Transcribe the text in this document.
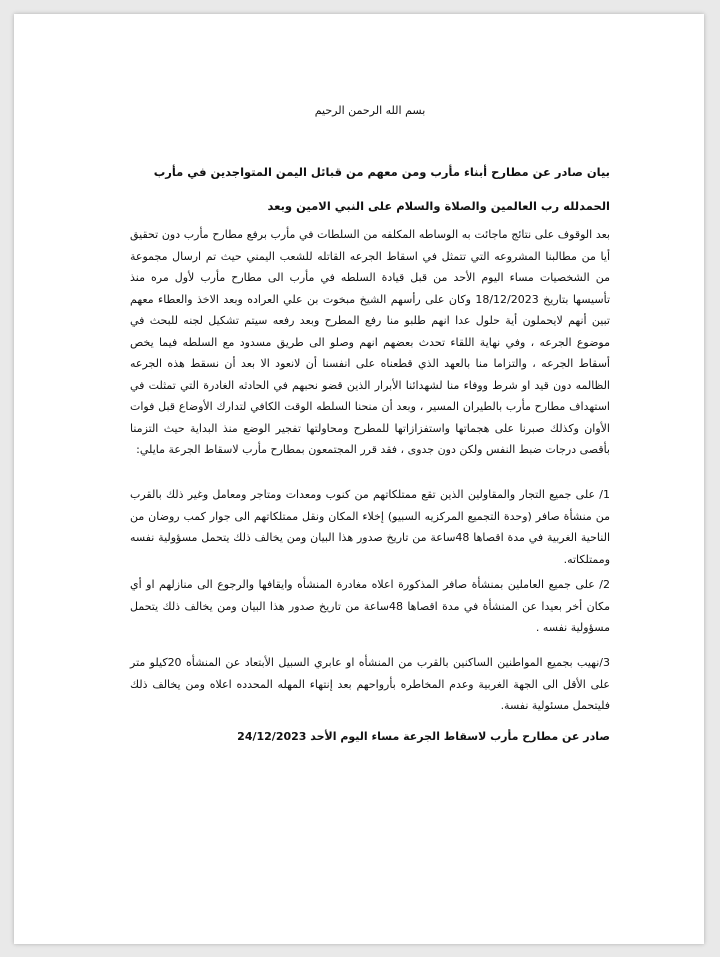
بسم الله الرحمن الرحيم
بيان صادر عن مطارح أبناء مأرب ومن معهم من قبائل اليمن المتواجدين في مأرب
الحمدلله رب العالمين والصلاة والسلام على النبي الامين وبعد
بعد الوقوف على نتائج ماجائت به الوساطه المكلفه من السلطات في مأرب برفع مطارح مأرب دون تحقيق أيا من مطالبنا المشروعه التي تتمثل في اسقاط الجرعه القاتله للشعب اليمني حيث تم ارسال مجموعة من الشخصيات مساء اليوم الأحد من قبل قيادة السلطه في مأرب الى مطارح مأرب لأول مره منذ تأسيسها بتاريخ 18/12/2023 وكان على رأسهم الشيخ مبخوت بن علي العراده وبعد الاخذ والعطاء معهم تبين أنهم لايحملون أية حلول عدا انهم طلبو منا رفع المطرح وبعد رفعه سيتم تشكيل لجنه للبحث في موضوع الجرعه ، وفي نهاية اللقاء تحدث بعضهم انهم وصلو الى طريق مسدود مع السلطه فيما يخص أسقاط الجرعه ، والتزاما منا بالعهد الذي قطعناه على انفسنا أن لانعود الا بعد أن نسقط هذه الجرعه الظالمه دون قيد او شرط ووفاء منا لشهدائنا الأبرار الذين قضو نحبهم في الحادثه الغادرة التي تمثلت في استهداف مطارح مأرب بالطيران المسير ، وبعد أن منحنا السلطه الوقت الكافي لتدارك الأوضاع قبل فوات الأوان وكذلك صبرنا على هجماتها واستفزازاتها للمطرح ومحاولتها تفجير الوضع منذ البداية حيث التزمنا بأقصى درجات ضبط النفس ولكن دون جدوى ، فقد قرر المجتمعون بمطارح مأرب لاسقاط الجرعة مايلي:
1/ على جميع التجار والمقاولين الذين تقع ممتلكاتهم من كنوب ومعدات ومتاجر ومعامل وغير ذلك بالقرب من منشأة صافر (وحدة التجميع المركزيه السبيو) إخلاء المكان ونقل ممتلكاتهم الى جوار كمب روضان من الناحية الغربية في مدة اقصاها 48ساعة من تاريخ صدور هذا البيان ومن يخالف ذلك يتحمل مسؤولية نفسه وممتلكاته.
2/ على جميع العاملين بمنشأة صافر المذكورة اعلاه مغادرة المنشأه وايقافها والرجوع الى منازلهم او أي مكان أخر بعيدا عن المنشأة في مدة اقصاها 48ساعة من تاريخ صدور هذا البيان ومن يخالف ذلك يتحمل مسؤولية نفسه .
3/نهيب بجميع المواطنين الساكنين بالقرب من المنشأه او عابري السبيل الأبتعاد عن المنشأه 20كيلو متر على الأقل الى الجهة الغربية وعدم المخاطره بأرواحهم بعد إنتهاء المهله المحدده اعلاه ومن يخالف ذلك فليتحمل مسئولية نفسة.
صادر عن مطارح مأرب لاسقاط الجرعة مساء اليوم الأحد 24/12/2023
